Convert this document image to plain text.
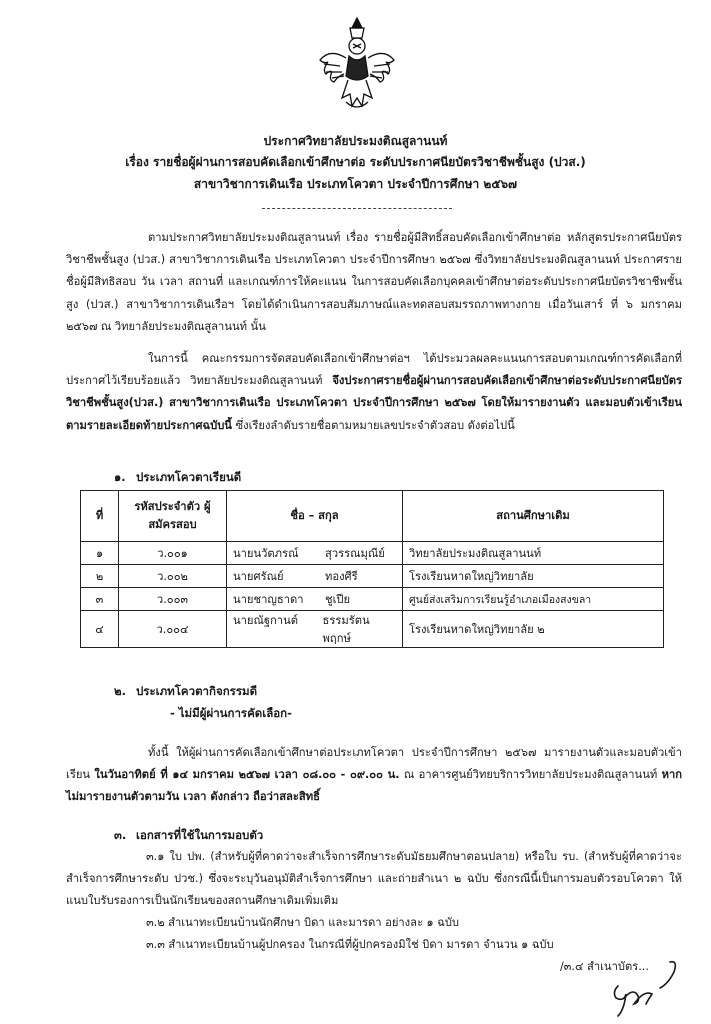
ประกาศวิทยาลัยประมงติณสูลานนท์
เรื่อง รายชื่อผู้ผ่านการสอบคัดเลือกเข้าศึกษาต่อ ระดับประกาศนียบัตรวิชาชีพชั้นสูง (ปวส.)
สาขาวิชาการเดินเรือ ประเภทโควตา ประจำปีการศึกษา ๒๕๖๗

ตามประกาศวิทยาลัยประมงติณสูลานนท์ เรื่อง รายชื่อผู้มีสิทธิ์สอบคัดเลือกเข้าศึกษาต่อ หลักสูตรประกาศนียบัตรวิชาชีพชั้นสูง (ปวส.) สาขาวิชาการเดินเรือ ประเภทโควตา ประจำปีการศึกษา ๒๕๖๗ ซึ่งวิทยาลัยประมงติณสูลานนท์ ประกาศรายชื่อผู้มีสิทธิสอบ วัน เวลา สถานที่ และเกณฑ์การให้คะแนน ในการสอบคัดเลือกบุคคลเข้าศึกษาต่อระดับประกาศนียบัตรวิชาชีพชั้นสูง (ปวส.) สาขาวิชาการเดินเรือฯ โดยได้ดำเนินการสอบสัมภาษณ์และทดสอบสมรรถภาพทางกาย เมื่อวันเสาร์ ที่ ๖ มกราคม ๒๕๖๗ ณ วิทยาลัยประมงติณสูลานนท์ นั้น

ในการนี้ คณะกรรมการจัดสอบคัดเลือกเข้าศึกษาต่อฯ ได้ประมวลผลคะแนนการสอบตามเกณฑ์การคัดเลือกที่ประกาศไว้เรียบร้อยแล้ว วิทยาลัยประมงติณสูลานนท์ จึงประกาศรายชื่อผู้ผ่านการสอบคัดเลือกเข้าศึกษาต่อระดับประกาศนียบัตรวิชาชีพชั้นสูง(ปวส.) สาขาวิชาการเดินเรือ ประเภทโควตา ประจำปีการศึกษา ๒๕๖๗ โดยให้มารายงานตัว และมอบตัวเข้าเรียนตามรายละเอียดท้ายประกาศฉบับนี้ ซึ่งเรียงลำดับรายชื่อตามหมายเลขประจำตัวสอบ ดังต่อไปนี้

๑. ประเภทโควตาเรียนดี
ที่	รหัสประจำตัว ผู้สมัครสอบ	ชื่อ – สกุล	สถานศึกษาเดิม
๑	ว.๐๐๑	นายนวัตภรณ์ สุวรรณมุณีย์	วิทยาลัยประมงติณสูลานนท์
๒	ว.๐๐๒	นายศรัณย์ ทองศีรี	โรงเรียนหาดใหญ่วิทยาลัย
๓	ว.๐๐๓	นายชาญธาดา ชูเปีย	ศูนย์ส่งเสริมการเรียนรู้อำเภอเมืองสงขลา
๔	ว.๐๐๔	นายณัฐกานต์ ธรรมรัตนพฤกษ์	โรงเรียนหาดใหญ่วิทยาลัย ๒
๒. ประเภทโควตากิจกรรมดี
- ไม่มีผู้ผ่านการคัดเลือก-

ทั้งนี้ ให้ผู้ผ่านการคัดเลือกเข้าศึกษาต่อประเภทโควตา ประจำปีการศึกษา ๒๕๖๗ มารายงานตัวและมอบตัวเข้าเรียน ในวันอาทิตย์ ที่ ๑๔ มกราคม ๒๕๖๗ เวลา ๐๘.๐๐ - ๐๙.๐๐ น. ณ อาคารศูนย์วิทยบริการวิทยาลัยประมงติณสูลานนท์ หากไม่มารายงานตัวตามวัน เวลา ดังกล่าว ถือว่าสละสิทธิ์

๓. เอกสารที่ใช้ในการมอบตัว

๓.๑ ใบ ปพ. (สำหรับผู้ที่คาดว่าจะสำเร็จการศึกษาระดับมัธยมศึกษาตอนปลาย) หรือใบ รบ. (สำหรับผู้ที่คาดว่าจะสำเร็จการศึกษาระดับ ปวช.) ซึ่งจะระบุวันอนุมัติสำเร็จการศึกษา และถ่ายสำเนา ๒ ฉบับ ซึ่งกรณีนี้เป็นการมอบตัวรอบโควตา ให้แนบใบรับรองการเป็นนักเรียนของสถานศึกษาเดิมเพิ่มเติม

๓.๒ สำเนาทะเบียนบ้านนักศึกษา บิดา และมารดา อย่างละ ๑ ฉบับ
๓.๓ สำเนาทะเบียนบ้านผู้ปกครอง ในกรณีที่ผู้ปกครองมิใช่ บิดา มารดา จำนวน ๑ ฉบับ
/๓.๔ สำเนาบัตร...
